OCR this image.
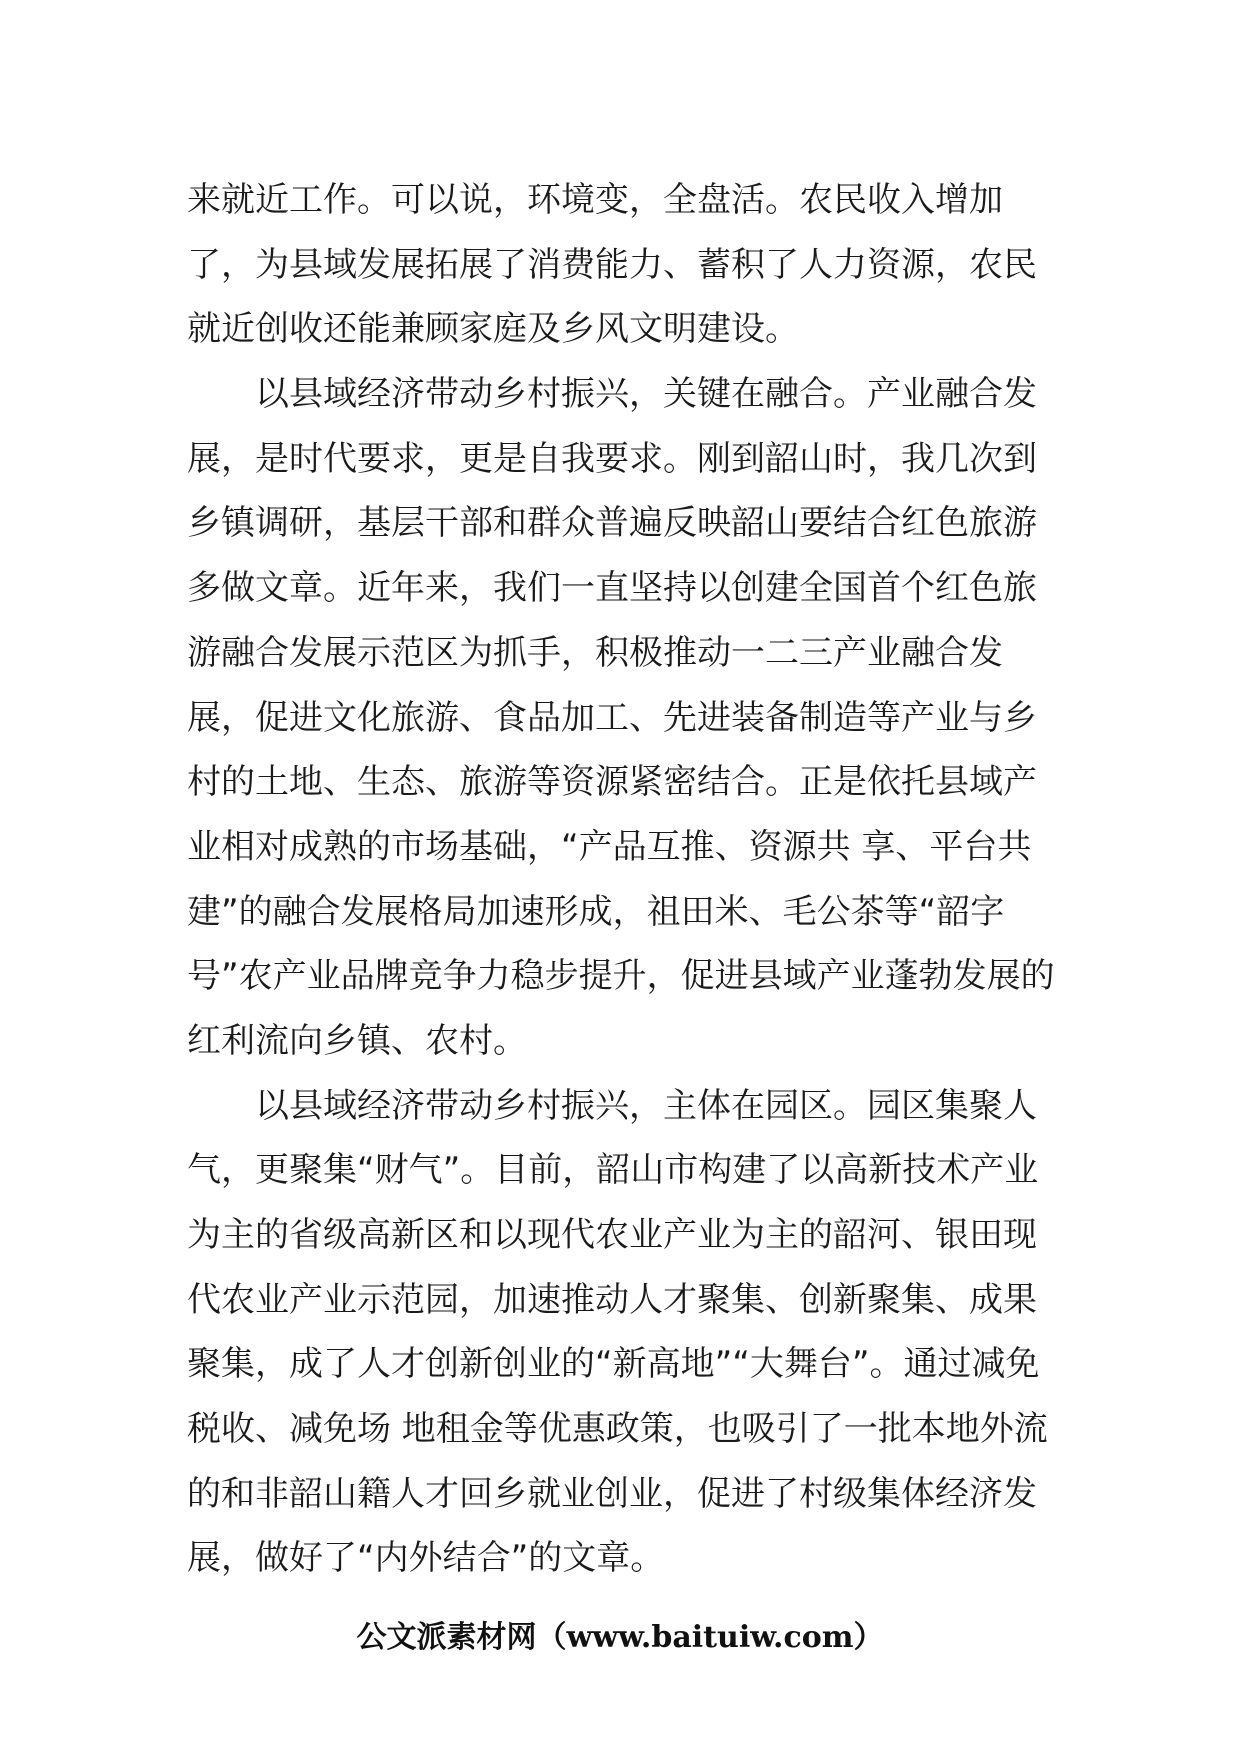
来就近工作。可以说，环境变，全盘活。农民收入增加
了，为县域发展拓展了消费能力、蓄积了人力资源，农民
就近创收还能兼顾家庭及乡风文明建设。
以县域经济带动乡村振兴，关键在融合。产业融合发
展，是时代要求，更是自我要求。刚到韶山时，我几次到
乡镇调研，基层干部和群众普遍反映韶山要结合红色旅游
多做文章。近年来，我们一直坚持以创建全国首个红色旅
游融合发展示范区为抓手，积极推动一二三产业融合发
展，促进文化旅游、食品加工、先进装备制造等产业与乡
村的土地、生态、旅游等资源紧密结合。正是依托县域产
业相对成熟的市场基础，“产品互推、资源共 享、平台共
建”的融合发展格局加速形成，祖田米、毛公茶等“韶字
号”农产业品牌竞争力稳步提升，促进县域产业蓬勃发展的
红利流向乡镇、农村。
以县域经济带动乡村振兴，主体在园区。园区集聚人
气，更聚集“财气”。目前，韶山市构建了以高新技术产业
为主的省级高新区和以现代农业产业为主的韶河、银田现
代农业产业示范园，加速推动人才聚集、创新聚集、成果
聚集，成了人才创新创业的“新高地”“大舞台”。通过减免
税收、减免场 地租金等优惠政策，也吸引了一批本地外流
的和非韶山籍人才回乡就业创业，促进了村级集体经济发
展，做好了“内外结合”的文章。
公文派素材网（www.baituiw.com）
